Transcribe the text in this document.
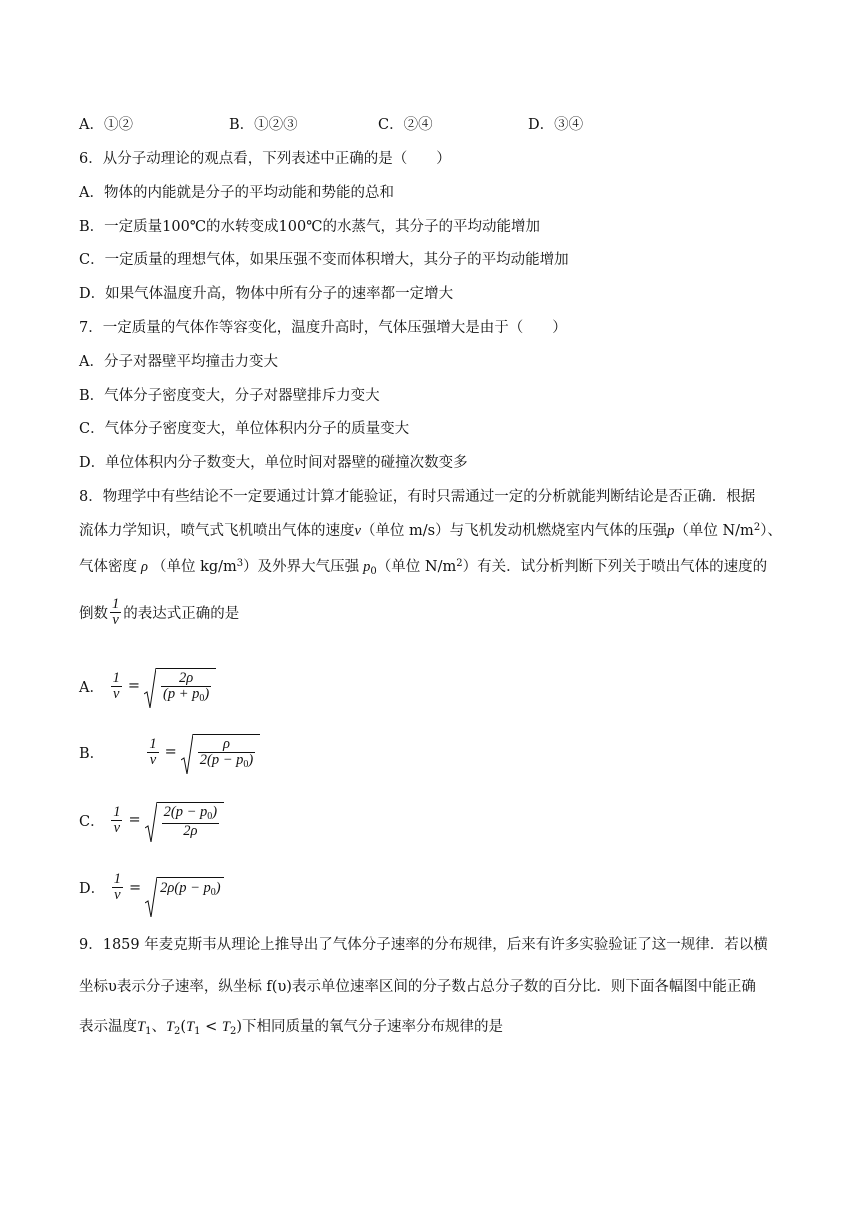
A．①②	B．①②③	C．②④	D．③④
6．从分子动理论的观点看，下列表述中正确的是（　　）
A．物体的内能就是分子的平均动能和势能的总和
B．一定质量100℃的水转变成100℃的水蒸气，其分子的平均动能增加
C．一定质量的理想气体，如果压强不变而体积增大，其分子的平均动能增加
D．如果气体温度升高，物体中所有分子的速率都一定增大
7．一定质量的气体作等容变化，温度升高时，气体压强增大是由于（　　）
A．分子对器壁平均撞击力变大
B．气体分子密度变大，分子对器壁排斥力变大
C．气体分子密度变大，单位体积内分子的质量变大
D．单位体积内分子数变大，单位时间对器壁的碰撞次数变多
8．物理学中有些结论不一定要通过计算才能验证，有时只需通过一定的分析就能判断结论是否正确．根据
流体力学知识，喷气式飞机喷出气体的速度v（单位 m/s）与飞机发动机燃烧室内气体的压强p（单位 $N/m^2$）、
气体密度 ρ （单位 $kg/m^3$）及外界大气压强 $p_0$（单位 $N/m^2$）有关．试分析判断下列关于喷出气体的速度的
倒数 $\frac{1}{v}$ 的表达式正确的是
A． $\frac{1}{v} = \frac{2\rho}{(p + p_0)}$
B．	$\frac{1}{v} = \frac{\rho}{2(p - p_0)}$
C． $\frac{1}{v} = \frac{2(p - p_0)}{2\rho}$
D． $\frac{1}{v} = 2\rho(p - p_0)$
9．1859 年麦克斯韦从理论上推导出了气体分子速率的分布规律，后来有许多实验验证了这一规律．若以横
坐标υ表示分子速率，纵坐标 f(υ)表示单位速率区间的分子数占总分子数的百分比．则下面各幅图中能正确
表示温度$T_1$、$T_2(T_1 < T_2)$下相同质量的氧气分子速率分布规律的是
